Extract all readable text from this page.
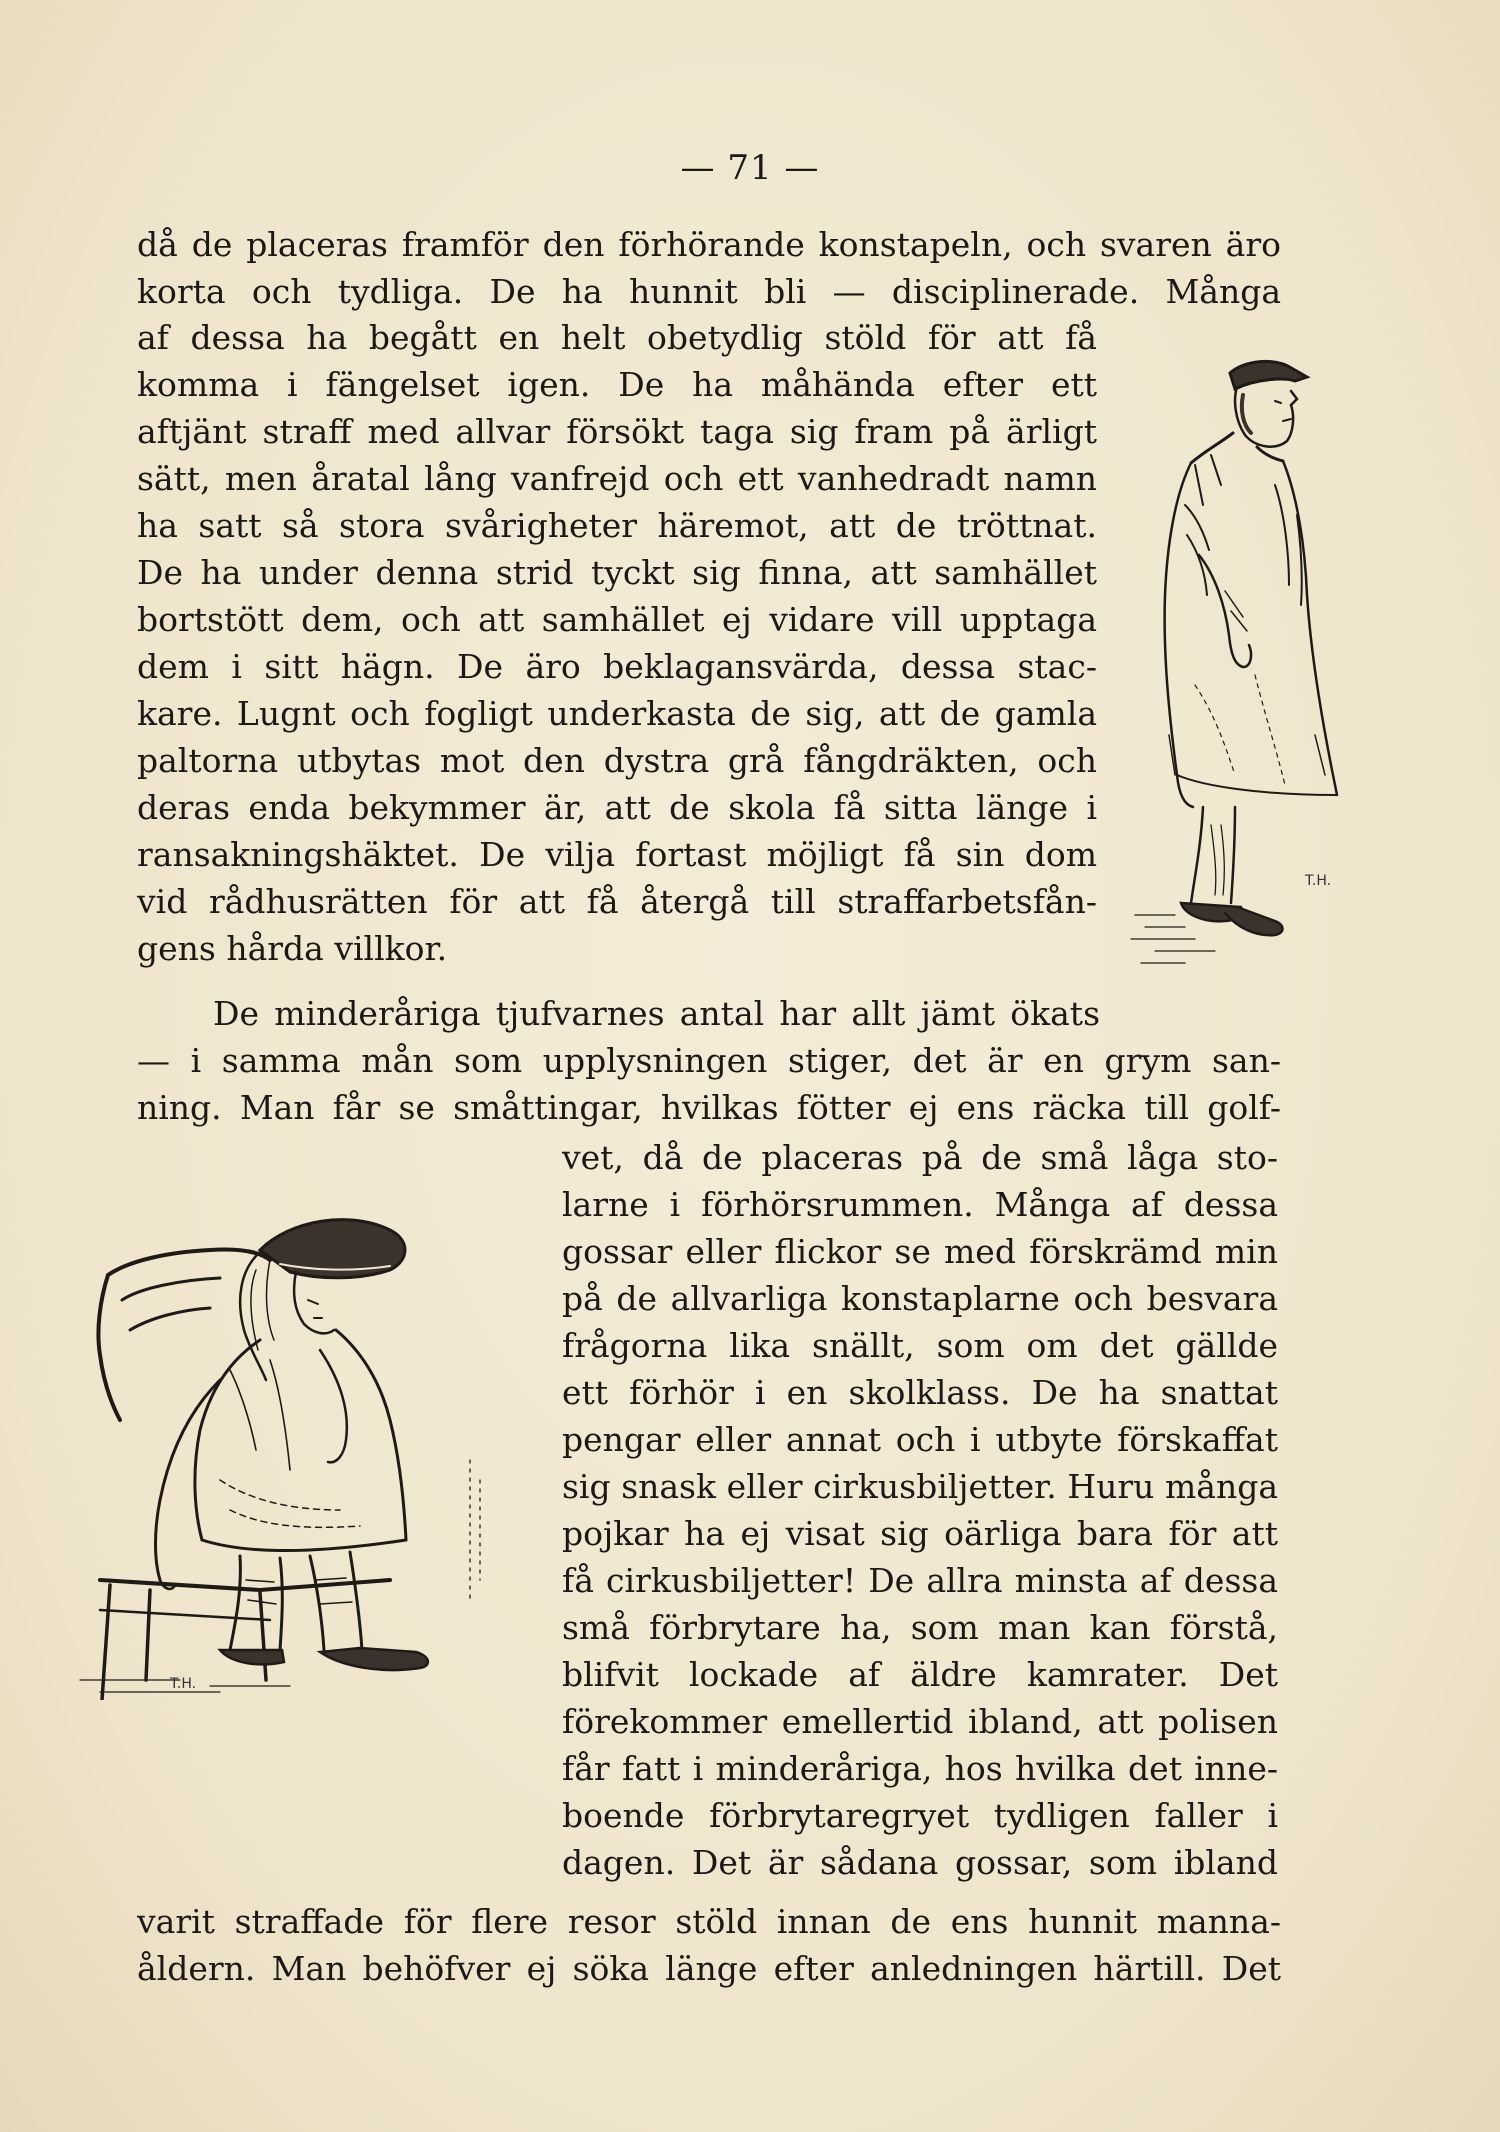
— 71 —
då de placeras framför den förhörande konstapeln, och svaren äro
korta och tydliga. De ha hunnit bli — disciplinerade. Många
af dessa ha begått en helt obetydlig stöld för att få
komma i fängelset igen. De ha måhända efter ett
aftjänt straff med allvar försökt taga sig fram på ärligt
sätt, men åratal lång vanfrejd och ett vanhedradt namn
ha satt så stora svårigheter häremot, att de tröttnat.
De ha under denna strid tyckt sig finna, att samhället
bortstött dem, och att samhället ej vidare vill upptaga
dem i sitt hägn. De äro beklagansvärda, dessa stac-
kare. Lugnt och fogligt underkasta de sig, att de gamla
paltorna utbytas mot den dystra grå fångdräkten, och
deras enda bekymmer är, att de skola få sitta länge i
ransakningshäktet. De vilja fortast möjligt få sin dom
vid rådhusrätten för att få återgå till straffarbetsfån-
gens hårda villkor.
De minderåriga tjufvarnes antal har allt jämt ökats
— i samma mån som upplysningen stiger, det är en grym san-
ning. Man får se småttingar, hvilkas fötter ej ens räcka till golf-
vet, då de placeras på de små låga sto-
larne i förhörsrummen. Många af dessa
gossar eller flickor se med förskrämd min
på de allvarliga konstaplarne och besvara
frågorna lika snällt, som om det gällde
ett förhör i en skolklass. De ha snattat
pengar eller annat och i utbyte förskaffat
sig snask eller cirkusbiljetter. Huru många
pojkar ha ej visat sig oärliga bara för att
få cirkusbiljetter! De allra minsta af dessa
små förbrytare ha, som man kan förstå,
blifvit lockade af äldre kamrater. Det
förekommer emellertid ibland, att polisen
får fatt i minderåriga, hos hvilka det inne-
boende förbrytaregryet tydligen faller i
dagen. Det är sådana gossar, som ibland
varit straffade för flere resor stöld innan de ens hunnit manna-
åldern. Man behöfver ej söka länge efter anledningen härtill. Det
T.H.
T.H.
